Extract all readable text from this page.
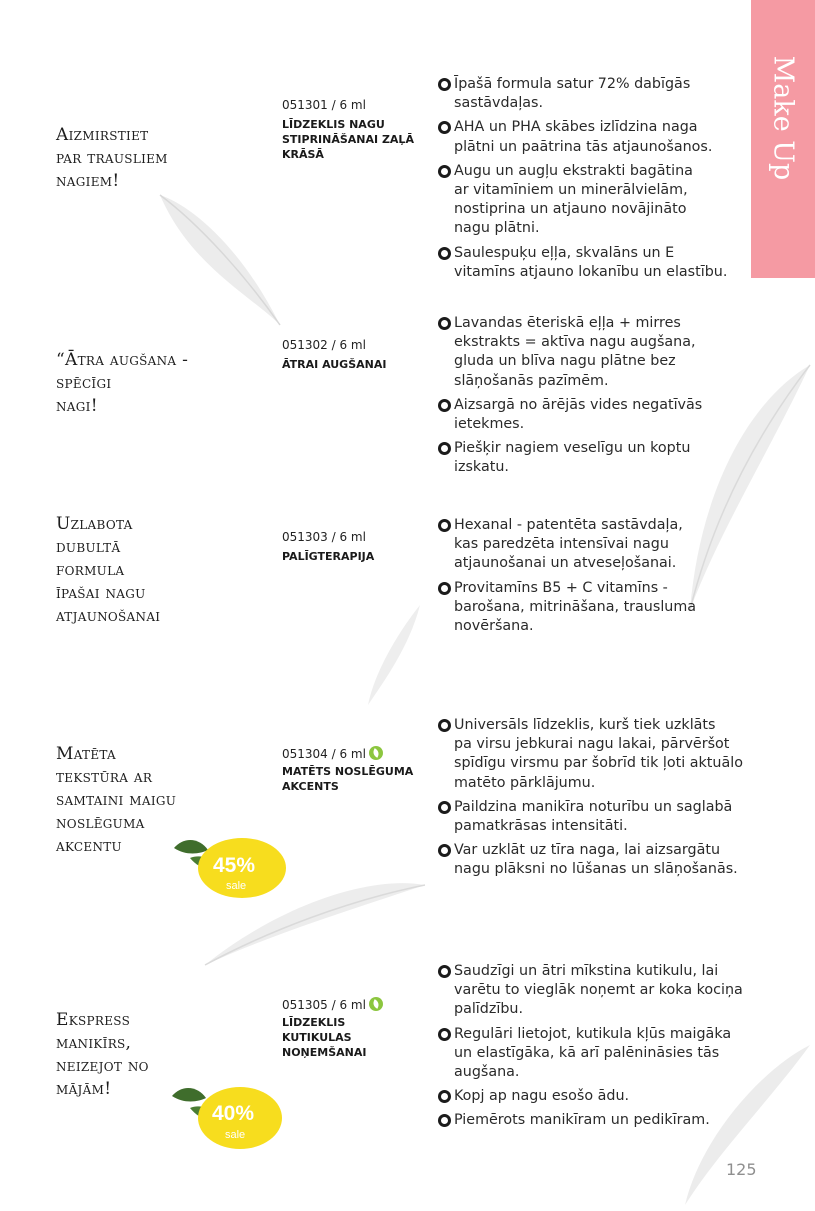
Make Up
Aizmirstiet
par trausliem
nagiem!
051301 / 6 ml
LĪDZEKLIS NAGU
STIPRINĀŠANAI ZAĻĀ
KRĀSĀ
Īpašā formula satur 72% dabīgās
sastāvdaļas.
AHA un PHA skābes izlīdzina naga
plātni un paātrina tās atjaunošanos.
Augu un augļu ekstrakti bagātina
ar vitamīniem un minerālvielām,
nostiprina un atjauno novājināto
nagu plātni.
Saulespuķu eļļa, skvalāns un E
vitamīns atjauno lokanību un elastību.
“Ātra augšana -
spēcīgi
nagi!
051302 / 6 ml
ĀTRAI AUGŠANAI
Lavandas ēteriskā eļļa + mirres
ekstrakts = aktīva nagu augšana,
gluda un blīva nagu plātne bez
slāņošanās pazīmēm.
Aizsargā no ārējās vides negatīvās
ietekmes.
Piešķir nagiem veselīgu un koptu
izskatu.
Uzlabota
dubultā
formula
īpašai nagu
atjaunošanai
051303 / 6 ml
PALĪGTERAPIJA
Hexanal - patentēta sastāvdaļa,
kas paredzēta intensīvai nagu
atjaunošanai un atveseļošanai.
Provitamīns B5 + C vitamīns -
barošana, mitrināšana, trausluma
novēršana.
Matēta
tekstūra ar
samtaini maigu
noslēguma
akcentu
051304 / 6 ml
MATĒTS NOSLĒGUMA
AKCENTS
Universāls līdzeklis, kurš tiek uzklāts
pa virsu jebkurai nagu lakai, pārvēršot
spīdīgu virsmu par šobrīd tik ļoti aktuālo
matēto pārklājumu.
Paildzina manikīra noturību un saglabā
pamatkrāsas intensitāti.
Var uzklāt uz tīra naga, lai aizsargātu
nagu plāksni no lūšanas un slāņošanās.
45%
sale
Ekspress
manikīrs,
neizejot no
mājām!
051305 / 6 ml
LĪDZEKLIS
KUTIKULAS
NOŅEMŠANAI
Saudzīgi un ātri mīkstina kutikulu, lai
varētu to vieglāk noņemt ar koka kociņa
palīdzību.
Regulāri lietojot, kutikula kļūs maigāka
un elastīgāka, kā arī palēnināsies tās
augšana.
Kopj ap nagu esošo ādu.
Piemērots manikīram un pedikīram.
40%
sale
125
